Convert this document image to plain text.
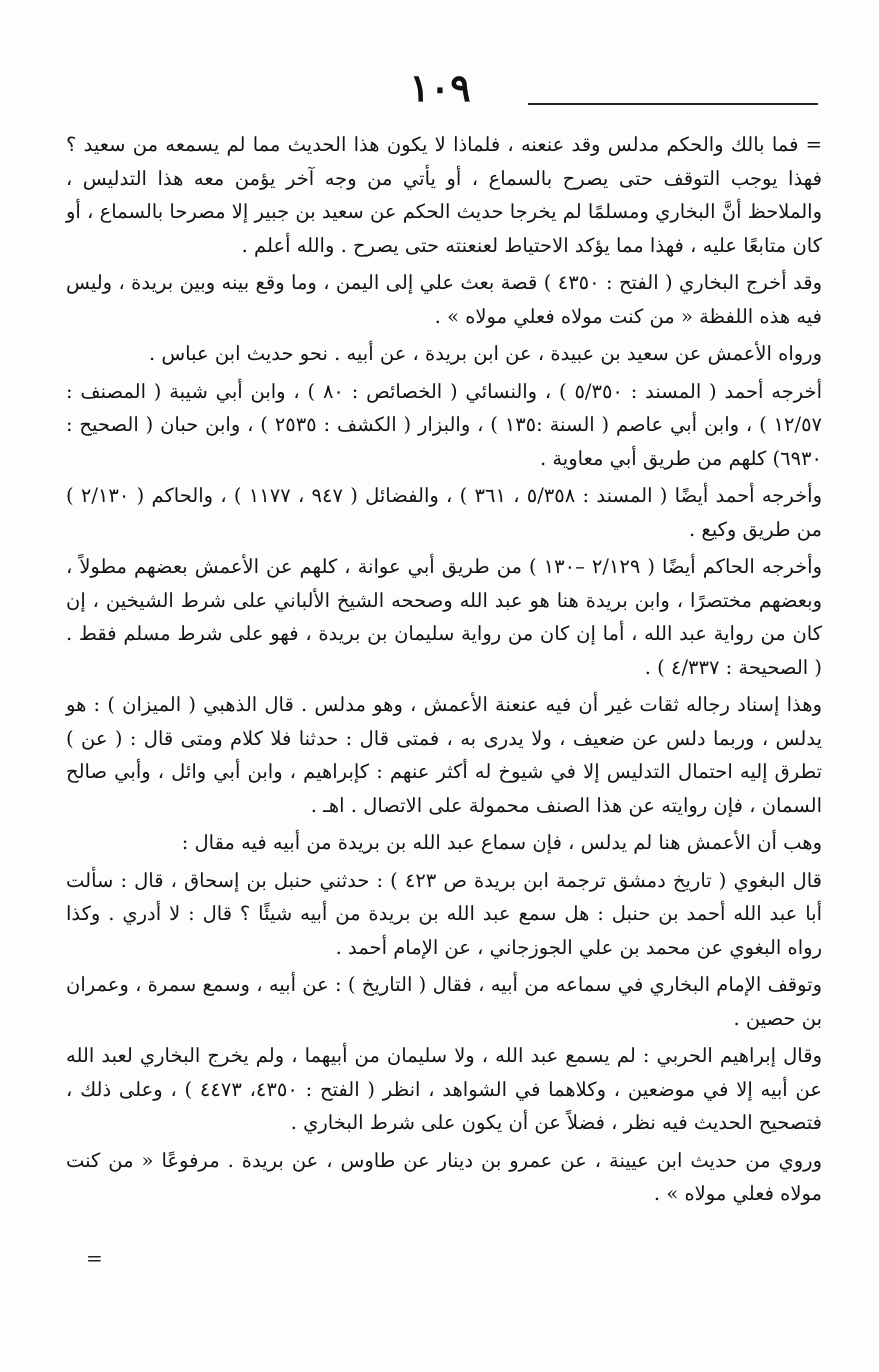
١٠٩

= فما بالك والحكم مدلس وقد عنعنه ، فلماذا لا يكون هذا الحديث مما لم يسمعه من سعيد ؟ فهذا يوجب التوقف حتى يصرح بالسماع ، أو يأتي من وجه آخر يؤمن معه هذا التدليس ، والملاحظ أنَّ البخاري ومسلمًا لم يخرجا حديث الحكم عن سعيد بن جبير إلا مصرحا بالسماع ، أو كان متابعًا عليه ، فهذا مما يؤكد الاحتياط لعنعنته حتى يصرح . والله أعلم .

وقد أخرج البخاري ( الفتح : ٤٣٥٠ ) قصة بعث علي إلى اليمن ، وما وقع بينه وبين بريدة ، وليس فيه هذه اللفظة « من كنت مولاه فعلي مولاه » .

ورواه الأعمش عن سعيد بن عبيدة ، عن ابن بريدة ، عن أبيه . نحو حديث ابن عباس .

أخرجه أحمد ( المسند : ٥/٣٥٠ ) ، والنسائي ( الخصائص : ٨٠ ) ، وابن أبي شيبة ( المصنف : ١٢/٥٧ ) ، وابن أبي عاصم ( السنة :١٣٥ ) ، والبزار ( الكشف : ٢٥٣٥ ) ، وابن حبان ( الصحيح : ٦٩٣٠) كلهم من طريق أبي معاوية .

وأخرجه أحمد أيضًا ( المسند : ٥/٣٥٨ ، ٣٦١ ) ، والفضائل ( ٩٤٧ ، ١١٧٧ ) ، والحاكم ( ٢/١٣٠ ) من طريق وكيع .

وأخرجه الحاكم أيضًا ( ٢/١٢٩ –١٣٠ ) من طريق أبي عوانة ، كلهم عن الأعمش بعضهم مطولاً ، وبعضهم مختصرًا ، وابن بريدة هنا هو عبد الله وصححه الشيخ الألباني على شرط الشيخين ، إن كان من رواية عبد الله ، أما إن كان من رواية سليمان بن بريدة ، فهو على شرط مسلم فقط . ( الصحيحة : ٤/٣٣٧ ) .

وهذا إسناد رجاله ثقات غير أن فيه عنعنة الأعمش ، وهو مدلس . قال الذهبي ( الميزان ) : هو يدلس ، وربما دلس عن ضعيف ، ولا يدرى به ، فمتى قال : حدثنا فلا كلام ومتى قال : ( عن ) تطرق إليه احتمال التدليس إلا في شيوخ له أكثر عنهم : كإبراهيم ، وابن أبي وائل ، وأبي صالح السمان ، فإن روايته عن هذا الصنف محمولة على الاتصال . اهـ .

وهب أن الأعمش هنا لم يدلس ، فإن سماع عبد الله بن بريدة من أبيه فيه مقال :

قال البغوي ( تاريخ دمشق ترجمة ابن بريدة ص ٤٢٣ ) : حدثني حنبل بن إسحاق ، قال : سألت أبا عبد الله أحمد بن حنبل : هل سمع عبد الله بن بريدة من أبيه شيئًا ؟ قال : لا أدري . وكذا رواه البغوي عن محمد بن علي الجوزجاني ، عن الإمام أحمد .

وتوقف الإمام البخاري في سماعه من أبيه ، فقال ( التاريخ ) : عن أبيه ، وسمع سمرة ، وعمران بن حصين .

وقال إبراهيم الحربي : لم يسمع عبد الله ، ولا سليمان من أبيهما ، ولم يخرج البخاري لعبد الله عن أبيه إلا في موضعين ، وكلاهما في الشواهد ، انظر ( الفتح : ٤٣٥٠، ٤٤٧٣ ) ، وعلى ذلك ، فتصحيح الحديث فيه نظر ، فضلاً عن أن يكون على شرط البخاري .

وروي من حديث ابن عيينة ، عن عمرو بن دينار عن طاوس ، عن بريدة . مرفوعًا « من كنت مولاه فعلي مولاه » .

=
